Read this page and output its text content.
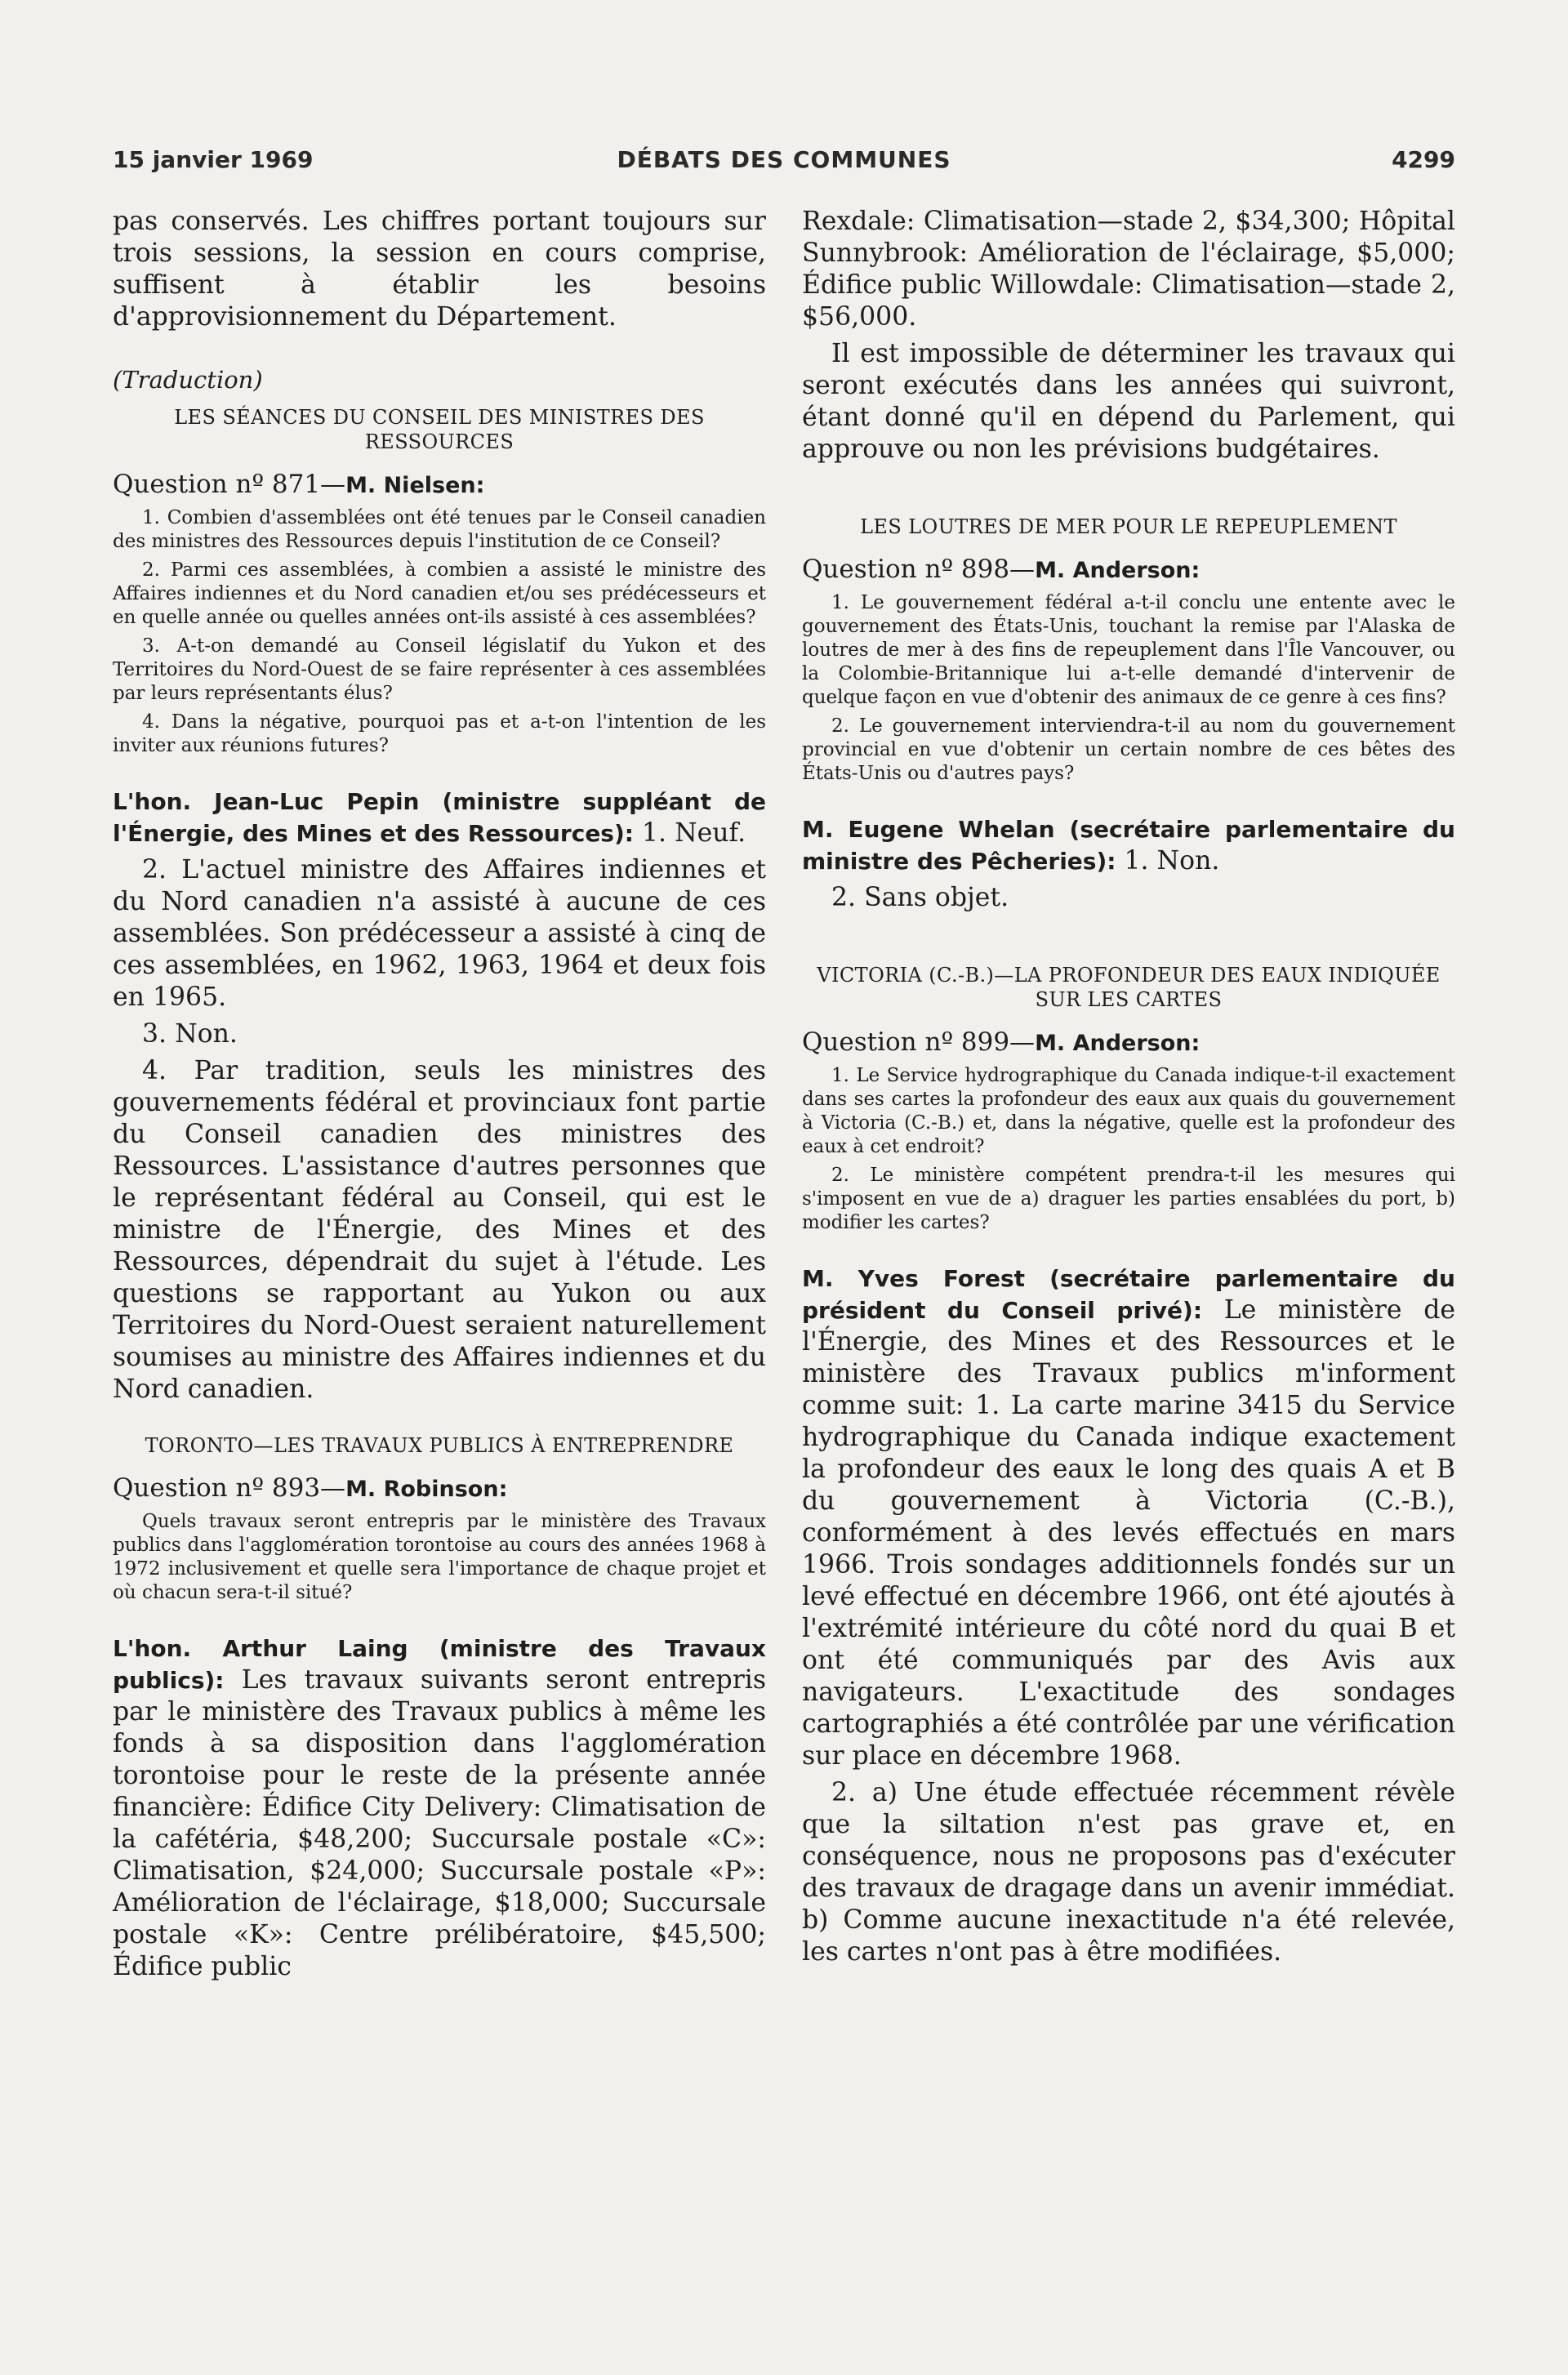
DÉBATS DES COMMUNES
15 janvier 1969	4299

pas conservés. Les chiffres portant toujours sur trois sessions, la session en cours comprise, suffisent à établir les besoins d'approvisionnement du Département.

(Traduction)

LES SÉANCES DU CONSEIL DES MINISTRES DES RESSOURCES

Question nº 871—M. Nielsen:

1. Combien d'assemblées ont été tenues par le Conseil canadien des ministres des Ressources depuis l'institution de ce Conseil?

2. Parmi ces assemblées, à combien a assisté le ministre des Affaires indiennes et du Nord canadien et/ou ses prédécesseurs et en quelle année ou quelles années ont-ils assisté à ces assemblées?

3. A-t-on demandé au Conseil législatif du Yukon et des Territoires du Nord-Ouest de se faire représenter à ces assemblées par leurs représentants élus?

4. Dans la négative, pourquoi pas et a-t-on l'intention de les inviter aux réunions futures?

L'hon. Jean-Luc Pepin (ministre suppléant de l'Énergie, des Mines et des Ressources): 1. Neuf.

2. L'actuel ministre des Affaires indiennes et du Nord canadien n'a assisté à aucune de ces assemblées. Son prédécesseur a assisté à cinq de ces assemblées, en 1962, 1963, 1964 et deux fois en 1965.

3. Non.

4. Par tradition, seuls les ministres des gouvernements fédéral et provinciaux font partie du Conseil canadien des ministres des Ressources. L'assistance d'autres personnes que le représentant fédéral au Conseil, qui est le ministre de l'Énergie, des Mines et des Ressources, dépendrait du sujet à l'étude. Les questions se rapportant au Yukon ou aux Territoires du Nord-Ouest seraient naturellement soumises au ministre des Affaires indiennes et du Nord canadien.

TORONTO—LES TRAVAUX PUBLICS À ENTREPRENDRE

Question nº 893—M. Robinson:

Quels travaux seront entrepris par le ministère des Travaux publics dans l'agglomération torontoise au cours des années 1968 à 1972 inclusivement et quelle sera l'importance de chaque projet et où chacun sera-t-il situé?

L'hon. Arthur Laing (ministre des Travaux publics): Les travaux suivants seront entrepris par le ministère des Travaux publics à même les fonds à sa disposition dans l'agglomération torontoise pour le reste de la présente année financière: Édifice City Delivery: Climatisation de la cafétéria, $48,200; Succursale postale «C»: Climatisation, $24,000; Succursale postale «P»: Amélioration de l'éclairage, $18,000; Succursale postale «K»: Centre prélibératoire, $45,500; Édifice public

Rexdale: Climatisation—stade 2, $34,300; Hôpital Sunnybrook: Amélioration de l'éclairage, $5,000; Édifice public Willowdale: Climatisation—stade 2, $56,000.

Il est impossible de déterminer les travaux qui seront exécutés dans les années qui suivront, étant donné qu'il en dépend du Parlement, qui approuve ou non les prévisions budgétaires.

LES LOUTRES DE MER POUR LE REPEUPLEMENT

Question nº 898—M. Anderson:

1. Le gouvernement fédéral a-t-il conclu une entente avec le gouvernement des États-Unis, touchant la remise par l'Alaska de loutres de mer à des fins de repeuplement dans l'Île Vancouver, ou la Colombie-Britannique lui a-t-elle demandé d'intervenir de quelque façon en vue d'obtenir des animaux de ce genre à ces fins?

2. Le gouvernement interviendra-t-il au nom du gouvernement provincial en vue d'obtenir un certain nombre de ces bêtes des États-Unis ou d'autres pays?

M. Eugene Whelan (secrétaire parlementaire du ministre des Pêcheries): 1. Non.

2. Sans objet.

VICTORIA (C.-B.)—LA PROFONDEUR DES EAUX INDIQUÉE SUR LES CARTES

Question nº 899—M. Anderson:

1. Le Service hydrographique du Canada indique-t-il exactement dans ses cartes la profondeur des eaux aux quais du gouvernement à Victoria (C.-B.) et, dans la négative, quelle est la profondeur des eaux à cet endroit?

2. Le ministère compétent prendra-t-il les mesures qui s'imposent en vue de a) draguer les parties ensablées du port, b) modifier les cartes?

M. Yves Forest (secrétaire parlementaire du président du Conseil privé): Le ministère de l'Énergie, des Mines et des Ressources et le ministère des Travaux publics m'informent comme suit: 1. La carte marine 3415 du Service hydrographique du Canada indique exactement la profondeur des eaux le long des quais A et B du gouvernement à Victoria (C.-B.), conformément à des levés effectués en mars 1966. Trois sondages additionnels fondés sur un levé effectué en décembre 1966, ont été ajoutés à l'extrémité intérieure du côté nord du quai B et ont été communiqués par des Avis aux navigateurs. L'exactitude des sondages cartographiés a été contrôlée par une vérification sur place en décembre 1968.

2. a) Une étude effectuée récemment révèle que la siltation n'est pas grave et, en conséquence, nous ne proposons pas d'exécuter des travaux de dragage dans un avenir immédiat. b) Comme aucune inexactitude n'a été relevée, les cartes n'ont pas à être modifiées.
